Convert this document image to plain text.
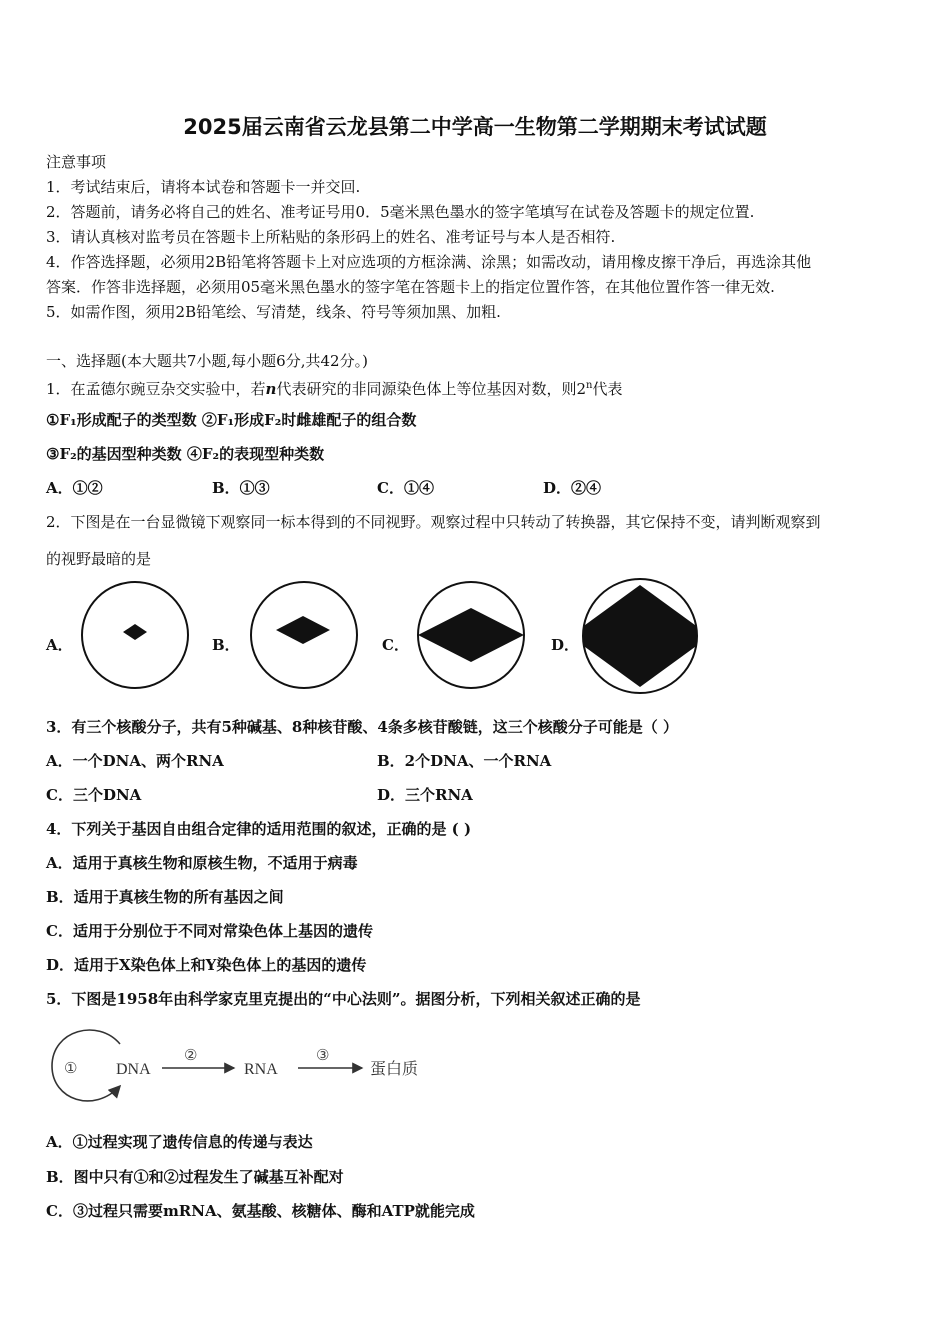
2025届云南省云龙县第二中学高一生物第二学期期末考试试题
注意事项
1．考试结束后，请将本试卷和答题卡一并交回.
2．答题前，请务必将自己的姓名、准考证号用0．5毫米黑色墨水的签字笔填写在试卷及答题卡的规定位置.
3．请认真核对监考员在答题卡上所粘贴的条形码上的姓名、准考证号与本人是否相符.
4．作答选择题，必须用2B铅笔将答题卡上对应选项的方框涂满、涂黑；如需改动，请用橡皮擦干净后，再选涂其他
答案．作答非选择题，必须用05毫米黑色墨水的签字笔在答题卡上的指定位置作答，在其他位置作答一律无效.
5．如需作图，须用2B铅笔绘、写清楚，线条、符号等须加黑、加粗.
一、选择题(本大题共7小题,每小题6分,共42分。)
1．在孟德尔豌豆杂交实验中，若n代表研究的非同源染色体上等位基因对数，则2$^n$代表
①F₁形成配子的类型数 ②F₁形成F₂时雌雄配子的组合数
③F₂的基因型种类数 ④F₂的表现型种类数
A．①②	B．①③	C．①④	D．②④
2．下图是在一台显微镜下观察同一标本得到的不同视野。观察过程中只转动了转换器，其它保持不变，请判断观察到
的视野最暗的是
A．	B．	C．	D．
3．有三个核酸分子，共有5种碱基、8种核苷酸、4条多核苷酸链，这三个核酸分子可能是（ ）
A．一个DNA、两个RNA	B．2个DNA、一个RNA
C．三个DNA	D．三个RNA
4．下列关于基因自由组合定律的适用范围的叙述，正确的是 ( )
A．适用于真核生物和原核生物，不适用于病毒
B．适用于真核生物的所有基因之间
C．适用于分别位于不同对常染色体上基因的遗传
D．适用于X染色体上和Y染色体上的基因的遗传
5．下图是1958年由科学家克里克提出的“中心法则”。据图分析，下列相关叙述正确的是
① DNA
②
RNA
③
蛋白质
A．①过程实现了遗传信息的传递与表达
B．图中只有①和②过程发生了碱基互补配对
C．③过程只需要mRNA、氨基酸、核糖体、酶和ATP就能完成
